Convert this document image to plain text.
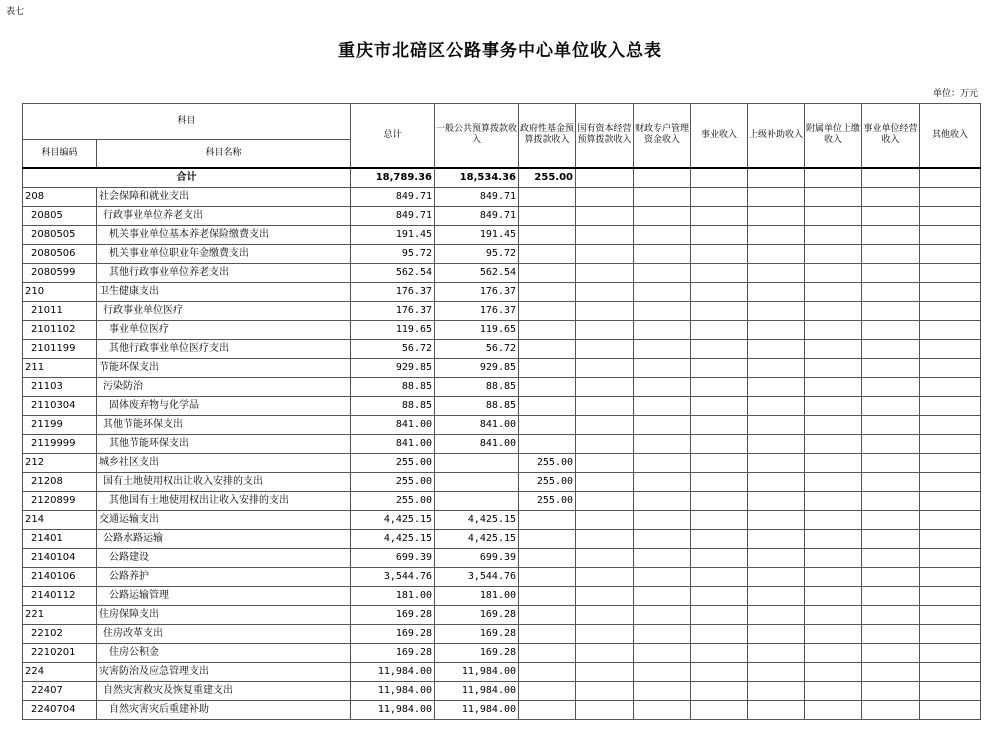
表七
重庆市北碚区公路事务中心单位收入总表
单位：万元
科目		总计	一般公共预算拨款收入	政府性基金预算拨款收入	国有资本经营预算拨款收入	财政专户管理资金收入	事业收入	上级补助收入	附属单位上缴收入	事业单位经营收入	其他收入
科目编码	科目名称										
合计		18,789.36	18,534.36	255.00							
208	社会保障和就业支出	849.71	849.71								
20805	行政事业单位养老支出	849.71	849.71								
2080505	机关事业单位基本养老保险缴费支出	191.45	191.45								
2080506	机关事业单位职业年金缴费支出	95.72	95.72								
2080599	其他行政事业单位养老支出	562.54	562.54								
210	卫生健康支出	176.37	176.37								
21011	行政事业单位医疗	176.37	176.37								
2101102	事业单位医疗	119.65	119.65								
2101199	其他行政事业单位医疗支出	56.72	56.72								
211	节能环保支出	929.85	929.85								
21103	污染防治	88.85	88.85								
2110304	固体废弃物与化学品	88.85	88.85								
21199	其他节能环保支出	841.00	841.00								
2119999	其他节能环保支出	841.00	841.00								
212	城乡社区支出	255.00		255.00							
21208	国有土地使用权出让收入安排的支出	255.00		255.00							
2120899	其他国有土地使用权出让收入安排的支出	255.00		255.00							
214	交通运输支出	4,425.15	4,425.15								
21401	公路水路运输	4,425.15	4,425.15								
2140104	公路建设	699.39	699.39								
2140106	公路养护	3,544.76	3,544.76								
2140112	公路运输管理	181.00	181.00								
221	住房保障支出	169.28	169.28								
22102	住房改革支出	169.28	169.28								
2210201	住房公积金	169.28	169.28								
224	灾害防治及应急管理支出	11,984.00	11,984.00								
22407	自然灾害救灾及恢复重建支出	11,984.00	11,984.00								
2240704	自然灾害灾后重建补助	11,984.00	11,984.00								
